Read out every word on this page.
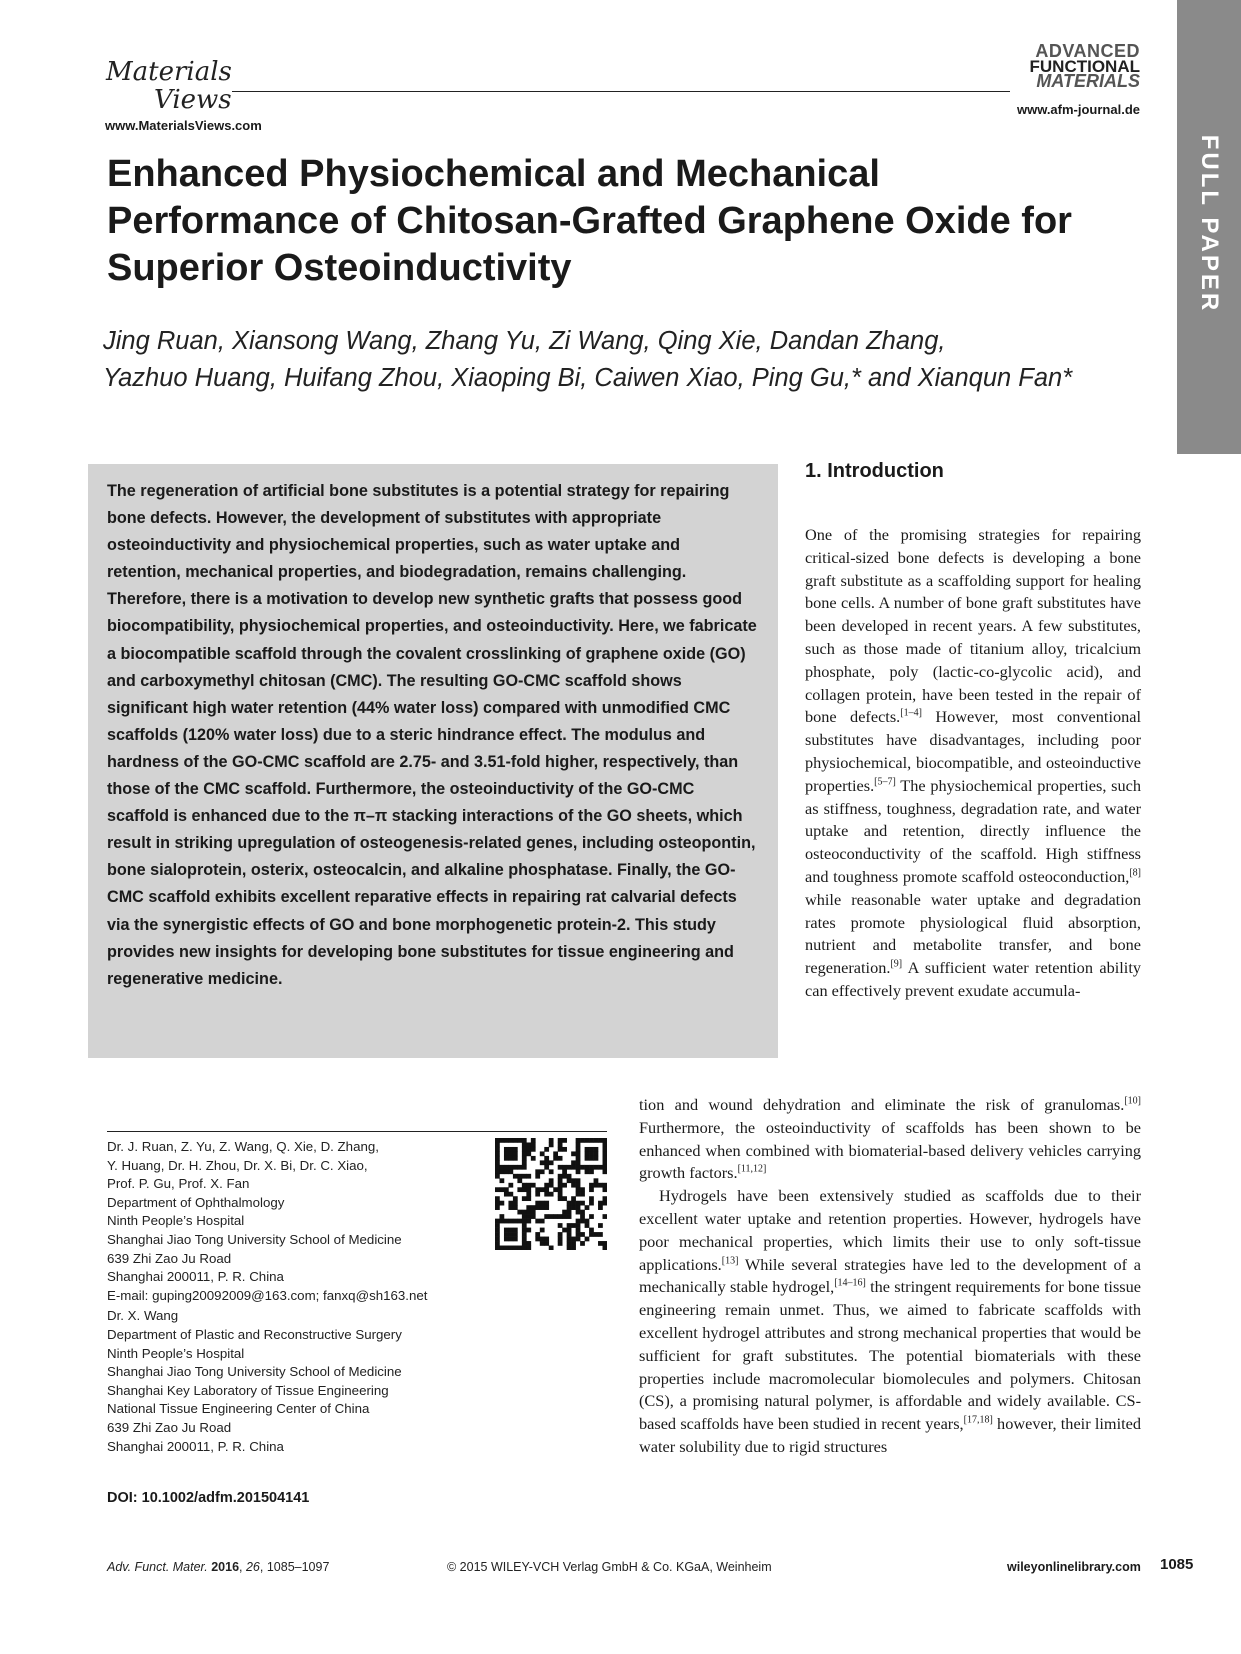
Materials
Views
www.MaterialsViews.com
ADVANCED
FUNCTIONAL
MATERIALS
www.afm-journal.de
FULL PAPER
Enhanced Physiochemical and Mechanical Performance of Chitosan-Grafted Graphene Oxide for Superior Osteoinductivity
Jing Ruan, Xiansong Wang, Zhang Yu, Zi Wang, Qing Xie, Dandan Zhang,
Yazhuo Huang, Huifang Zhou, Xiaoping Bi, Caiwen Xiao, Ping Gu,* and Xianqun Fan*

The regeneration of artificial bone substitutes is a potential strategy for repairing bone defects. However, the development of substitutes with appropriate osteoinductivity and physiochemical properties, such as water uptake and retention, mechanical properties, and biodegradation, remains challenging. Therefore, there is a motivation to develop new synthetic grafts that possess good biocompatibility, physiochemical properties, and osteoinductivity. Here, we fabricate a biocompatible scaffold through the covalent crosslinking of graphene oxide (GO) and carboxymethyl chitosan (CMC). The resulting GO-CMC scaffold shows significant high water retention (44% water loss) compared with unmodified CMC scaffolds (120% water loss) due to a steric hindrance effect. The modulus and hardness of the GO-CMC scaffold are 2.75- and 3.51-fold higher, respectively, than those of the CMC scaffold. Furthermore, the osteoinductivity of the GO-CMC scaffold is enhanced due to the π–π stacking interactions of the GO sheets, which result in striking upregulation of osteogenesis-related genes, including osteopontin, bone sialoprotein, osterix, osteocalcin, and alkaline phosphatase. Finally, the GO-CMC scaffold exhibits excellent reparative effects in repairing rat calvarial defects via the synergistic effects of GO and bone morphogenetic protein-2. This study provides new insights for developing bone substitutes for tissue engineering and regenerative medicine.

1. Introduction

One of the promising strategies for repairing critical-sized bone defects is developing a bone graft substitute as a scaffolding support for healing bone cells. A number of bone graft substitutes have been developed in recent years. A few substitutes, such as those made of titanium alloy, tricalcium phosphate, poly (lactic-co-glycolic acid), and collagen protein, have been tested in the repair of bone defects.[1–4] However, most conventional substitutes have disadvantages, including poor physiochemical, biocompatible, and osteoinductive properties.[5–7] The physiochemical properties, such as stiffness, toughness, degradation rate, and water uptake and retention, directly influence the osteoconductivity of the scaffold. High stiffness and toughness promote scaffold osteoconduction,[8] while reasonable water uptake and degradation rates promote physiological fluid absorption, nutrient and metabolite transfer, and bone regeneration.[9] A sufficient water retention ability can effectively prevent exudate accumula-

tion and wound dehydration and eliminate the risk of granulomas.[10] Furthermore, the osteoinductivity of scaffolds has been shown to be enhanced when combined with biomaterial-based delivery vehicles carrying growth factors.[11,12]

Hydrogels have been extensively studied as scaffolds due to their excellent water uptake and retention properties. However, hydrogels have poor mechanical properties, which limits their use to only soft-tissue applications.[13] While several strategies have led to the development of a mechanically stable hydrogel,[14–16] the stringent requirements for bone tissue engineering remain unmet. Thus, we aimed to fabricate scaffolds with excellent hydrogel attributes and strong mechanical properties that would be sufficient for graft substitutes. The potential biomaterials with these properties include macromolecular biomolecules and polymers. Chitosan (CS), a promising natural polymer, is affordable and widely available. CS-based scaffolds have been studied in recent years,[17,18] however, their limited water solubility due to rigid structures

Dr. J. Ruan, Z. Yu, Z. Wang, Q. Xie, D. Zhang,
Y. Huang, Dr. H. Zhou, Dr. X. Bi, Dr. C. Xiao,
Prof. P. Gu, Prof. X. Fan
Department of Ophthalmology
Ninth People’s Hospital
Shanghai Jiao Tong University School of Medicine
639 Zhi Zao Ju Road
Shanghai 200011, P. R. China
E-mail: guping20092009@163.com; fanxq@sh163.net
Dr. X. Wang
Department of Plastic and Reconstructive Surgery
Ninth People’s Hospital
Shanghai Jiao Tong University School of Medicine
Shanghai Key Laboratory of Tissue Engineering
National Tissue Engineering Center of China
639 Zhi Zao Ju Road
Shanghai 200011, P. R. China
DOI: 10.1002/adfm.201504141
Adv. Funct. Mater. 2016, 26, 1085–1097	© 2015 WILEY-VCH Verlag GmbH & Co. KGaA, Weinheim	wileyonlinelibrary.com 1085
